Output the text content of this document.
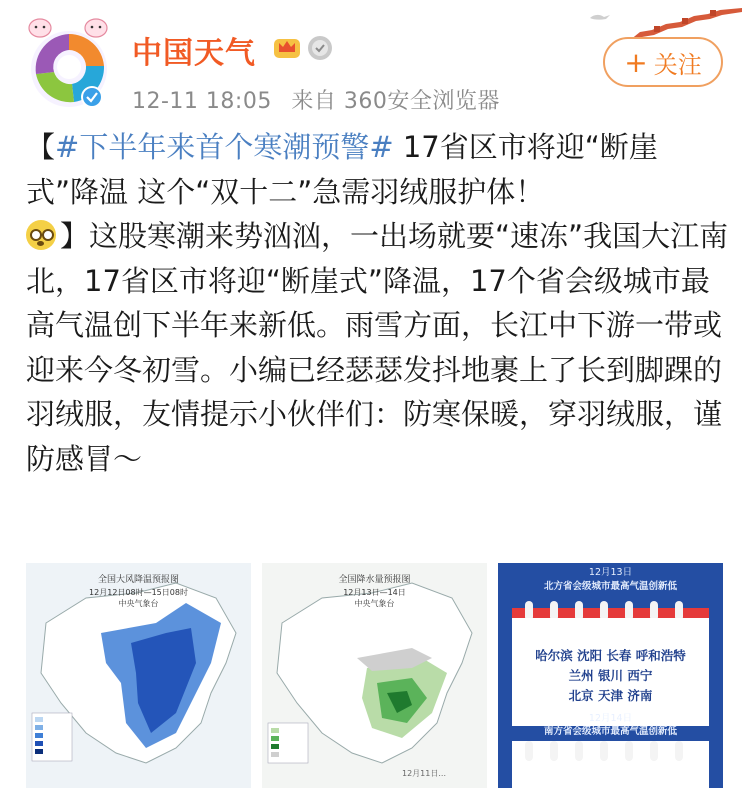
中国天气
12-11 18:05 来自 360安全浏览器
+ 关注
【#下半年来首个寒潮预警# 17省区市将迎“断崖式”降温 这个“双十二”急需羽绒服护体！

】这股寒潮来势汹汹，一出场就要“速冻”我国大江南北，17省区市将迎“断崖式”降温，17个省会级城市最高气温创下半年来新低。雨雪方面，长江中下游一带或迎来今冬初雪。小编已经瑟瑟发抖地裹上了长到脚踝的羽绒服，友情提示小伙伴们：防寒保暖，穿羽绒服，谨防感冒～
全国大风降温预报图
12月12日08时—15日08时
中央气象台
全国降水量预报图
12月13日—14日
中央气象台
12月11日...
12月13日
北方省会级城市最高气温创新低
哈尔滨 沈阳 长春 呼和浩特
兰州 银川 西宁
北京 天津 济南
12月14日
南方省会级城市最高气温创新低
